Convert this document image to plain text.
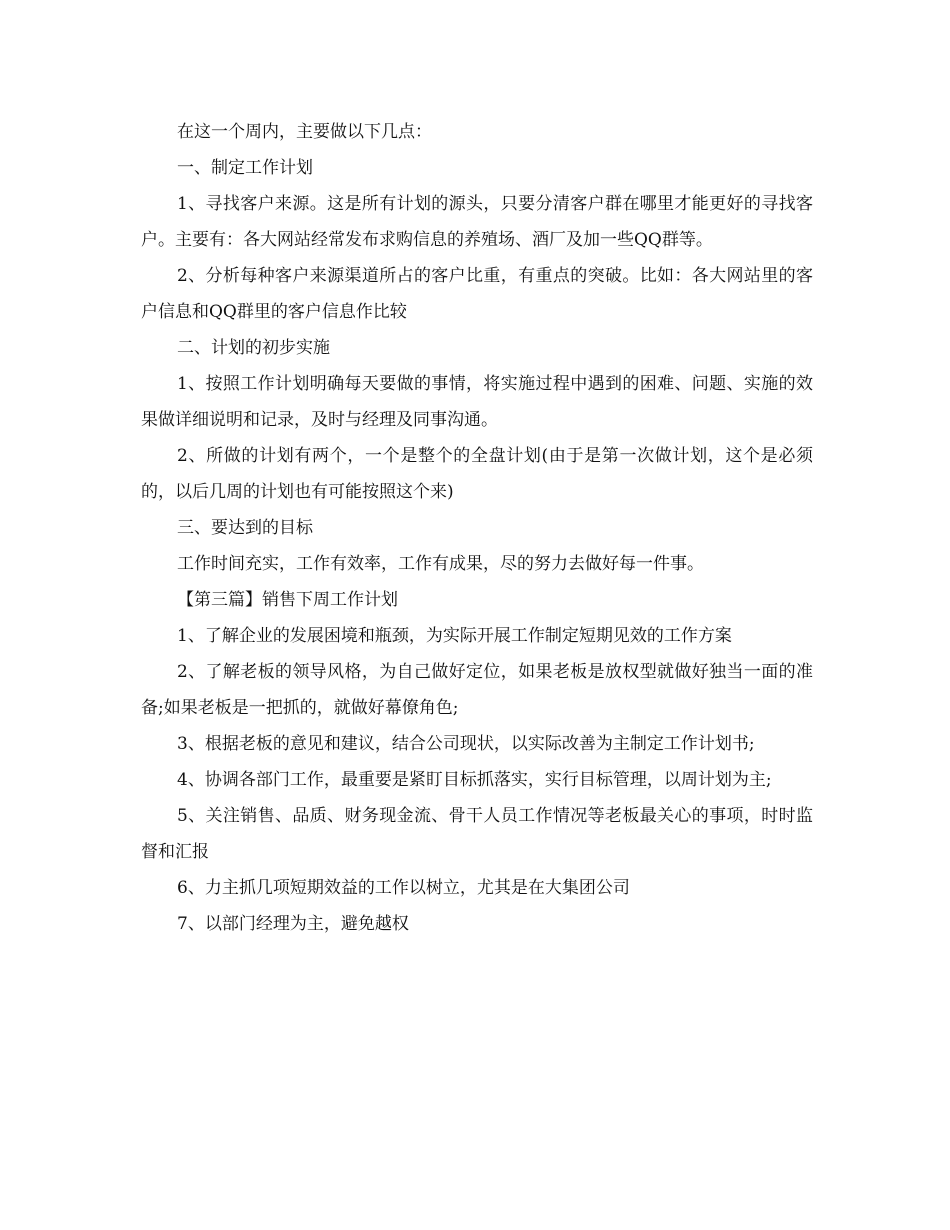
在这一个周内，主要做以下几点：

一、制定工作计划

1、寻找客户来源。这是所有计划的源头，只要分清客户群在哪里才能更好的寻找客户。主要有：各大网站经常发布求购信息的养殖场、酒厂及加一些QQ群等。

2、分析每种客户来源渠道所占的客户比重，有重点的突破。比如：各大网站里的客户信息和QQ群里的客户信息作比较

二、计划的初步实施

1、按照工作计划明确每天要做的事情，将实施过程中遇到的困难、问题、实施的效果做详细说明和记录，及时与经理及同事沟通。

2、所做的计划有两个，一个是整个的全盘计划(由于是第一次做计划，这个是必须的，以后几周的计划也有可能按照这个来)

三、要达到的目标

工作时间充实，工作有效率，工作有成果，尽的努力去做好每一件事。

【第三篇】销售下周工作计划

1、了解企业的发展困境和瓶颈，为实际开展工作制定短期见效的工作方案

2、了解老板的领导风格，为自己做好定位，如果老板是放权型就做好独当一面的准备;如果老板是一把抓的，就做好幕僚角色;

3、根据老板的意见和建议，结合公司现状，以实际改善为主制定工作计划书;

4、协调各部门工作，最重要是紧盯目标抓落实，实行目标管理，以周计划为主;

5、关注销售、品质、财务现金流、骨干人员工作情况等老板最关心的事项，时时监督和汇报

6、力主抓几项短期效益的工作以树立，尤其是在大集团公司

7、以部门经理为主，避免越权
